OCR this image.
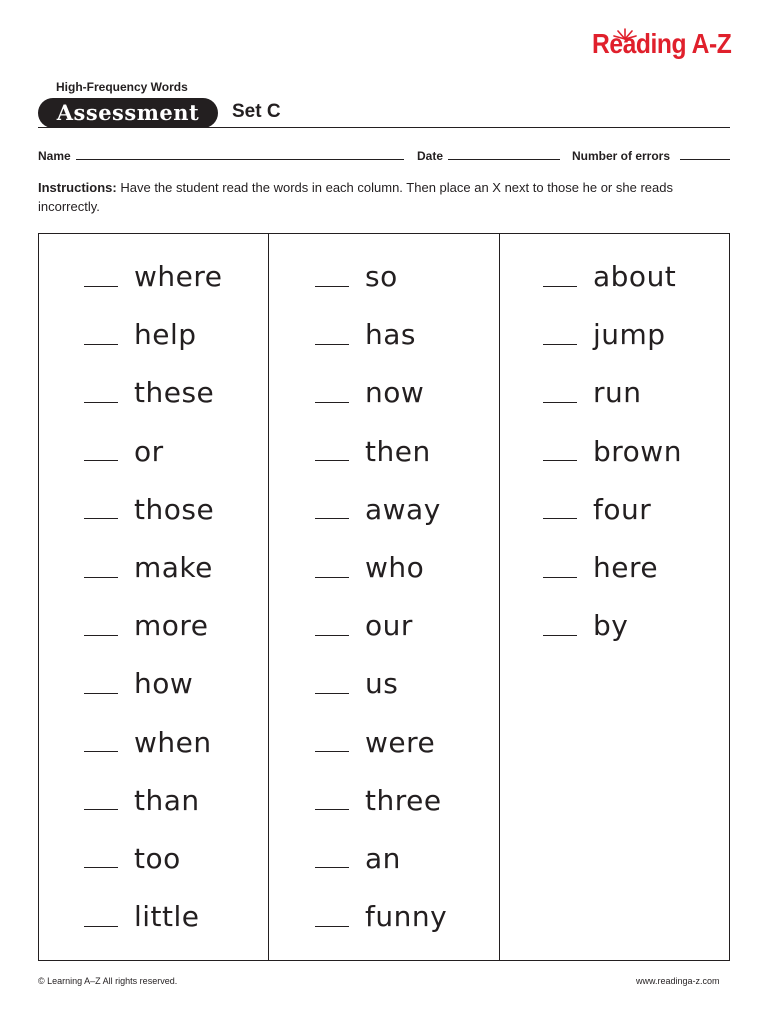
Reading A-Z
High-Frequency Words
Assessment	Set C
Name	Date	Number of errors
Instructions: Have the student read the words in each column. Then place an X next to those he or she reads incorrectly.
where
help
these
or
those
make
more
how
when
than
too
little
so
has
now
then
away
who
our
us
were
three
an
funny
about
jump
run
brown
four
here
by
© Learning A–Z All rights reserved.	www.readinga-z.com
